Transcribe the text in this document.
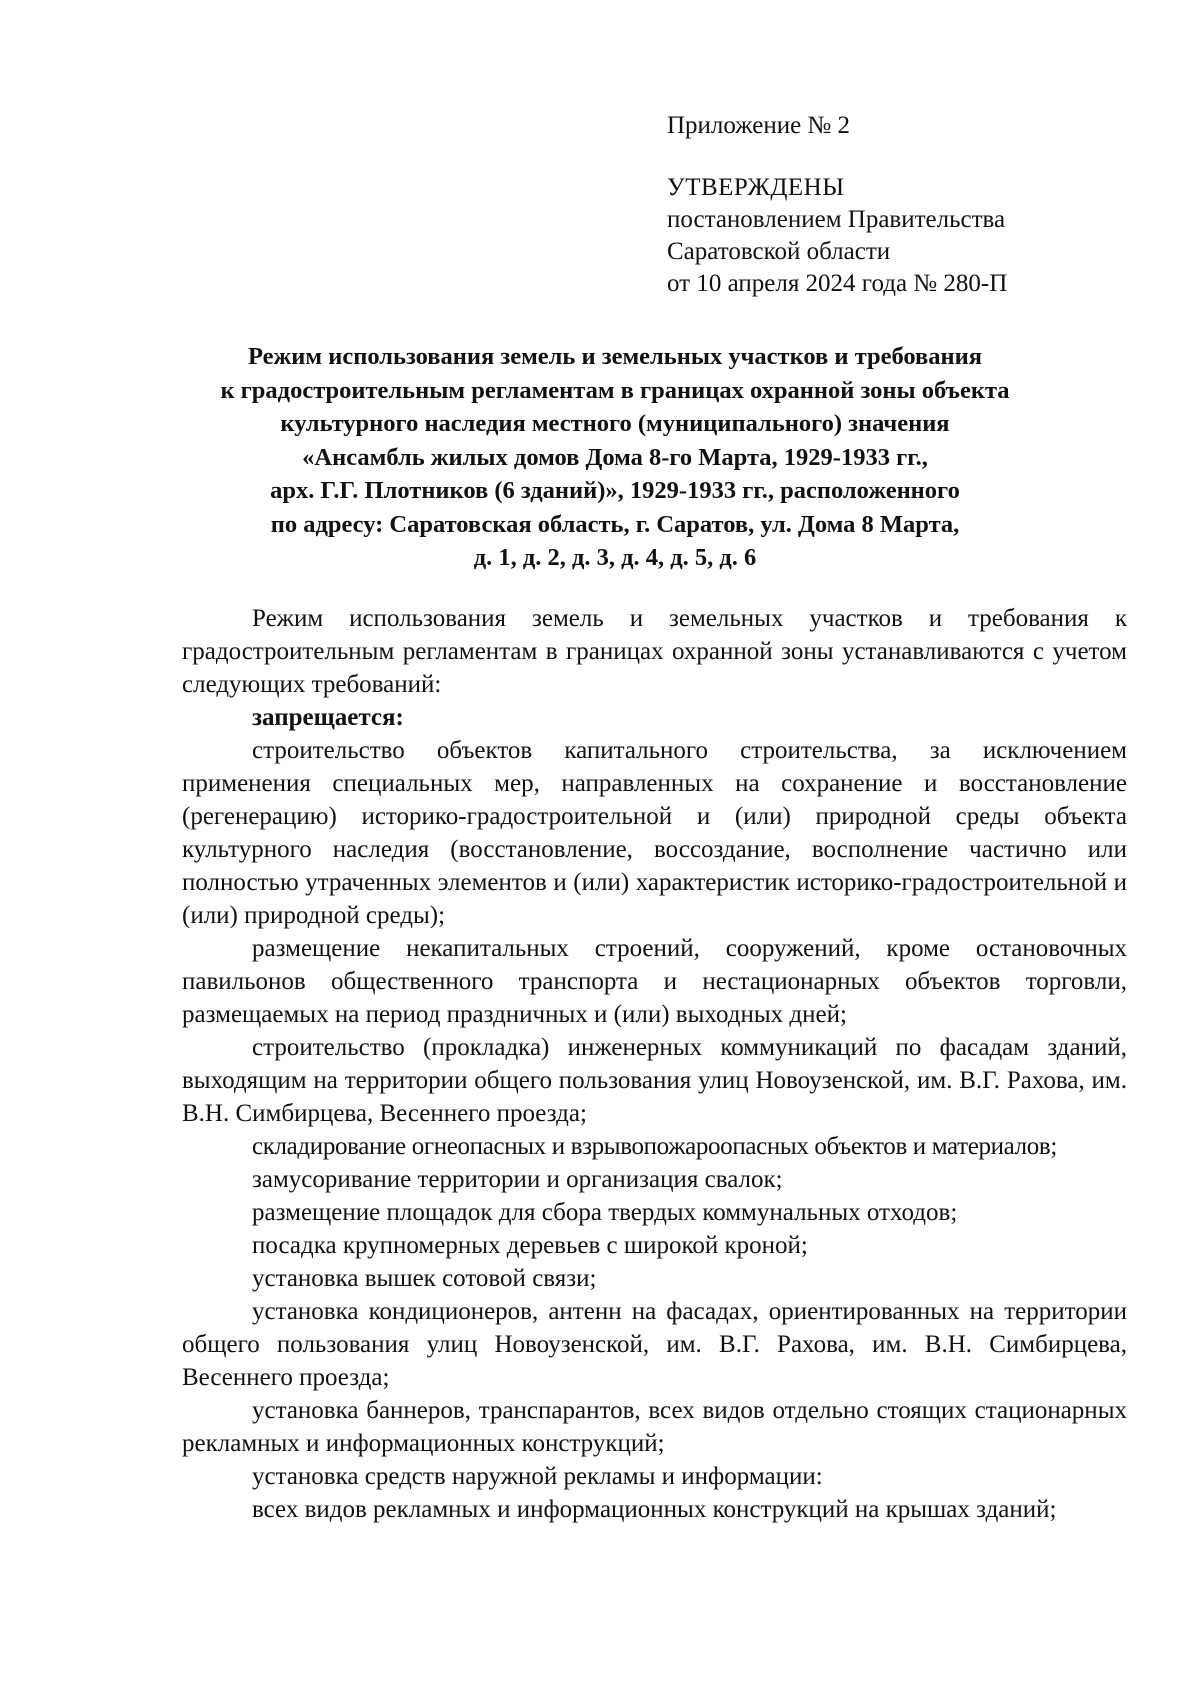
Приложение № 2

УТВЕРЖДЕНЫ

постановлением Правительства

Саратовской области

от 10 апреля 2024 года № 280-П

Режим использования земель и земельных участков и требования
к градостроительным регламентам в границах охранной зоны объекта
культурного наследия местного (муниципального) значения
«Ансамбль жилых домов Дома 8-го Марта, 1929-1933 гг.,
арх. Г.Г. Плотников (6 зданий)», 1929-1933 гг., расположенного
по адресу: Саратовская область, г. Саратов, ул. Дома 8 Марта,
д. 1, д. 2, д. 3, д. 4, д. 5, д. 6

Режим использования земель и земельных участков и требования к градостроительным регламентам в границах охранной зоны устанавливаются с учетом следующих требований:

запрещается:

строительство объектов капитального строительства, за исключением применения специальных мер, направленных на сохранение и восстановление (регенерацию) историко-градостроительной и (или) природной среды объекта культурного наследия (восстановление, воссоздание, восполнение частично или полностью утраченных элементов и (или) характеристик историко-градостроительной и (или) природной среды);

размещение некапитальных строений, сооружений, кроме остановочных павильонов общественного транспорта и нестационарных объектов торговли, размещаемых на период праздничных и (или) выходных дней;

строительство (прокладка) инженерных коммуникаций по фасадам зданий, выходящим на территории общего пользования улиц Новоузенской, им. В.Г. Рахова, им. В.Н. Симбирцева, Весеннего проезда;

складирование огнеопасных и взрывопожароопасных объектов и материалов;

замусоривание территории и организация свалок;

размещение площадок для сбора твердых коммунальных отходов;

посадка крупномерных деревьев с широкой кроной;

установка вышек сотовой связи;

установка кондиционеров, антенн на фасадах, ориентированных на территории общего пользования улиц Новоузенской, им. В.Г. Рахова, им. В.Н. Симбирцева, Весеннего проезда;

установка баннеров, транспарантов, всех видов отдельно стоящих стационарных рекламных и информационных конструкций;

установка средств наружной рекламы и информации:

всех видов рекламных и информационных конструкций на крышах зданий;
